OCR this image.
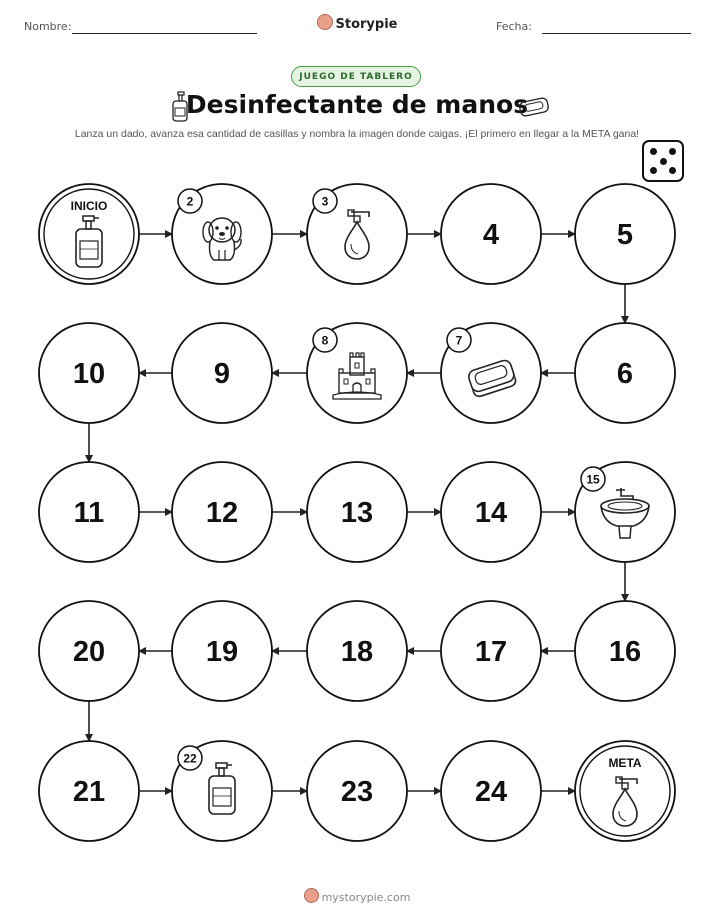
Nombre:	Storypie	Fecha:
JUEGO DE TABLERO
Desinfectante de manos
Lanza un dado, avanza esa cantidad de casillas y nombra la imagen donde caigas. ¡El primero en llegar a la META gana!
INICIO	2	3
4	5
6
7
8
9
10
11	12	13	14
15
16
17
18
19
20
21
22
23	24
META
mystorypie.com
